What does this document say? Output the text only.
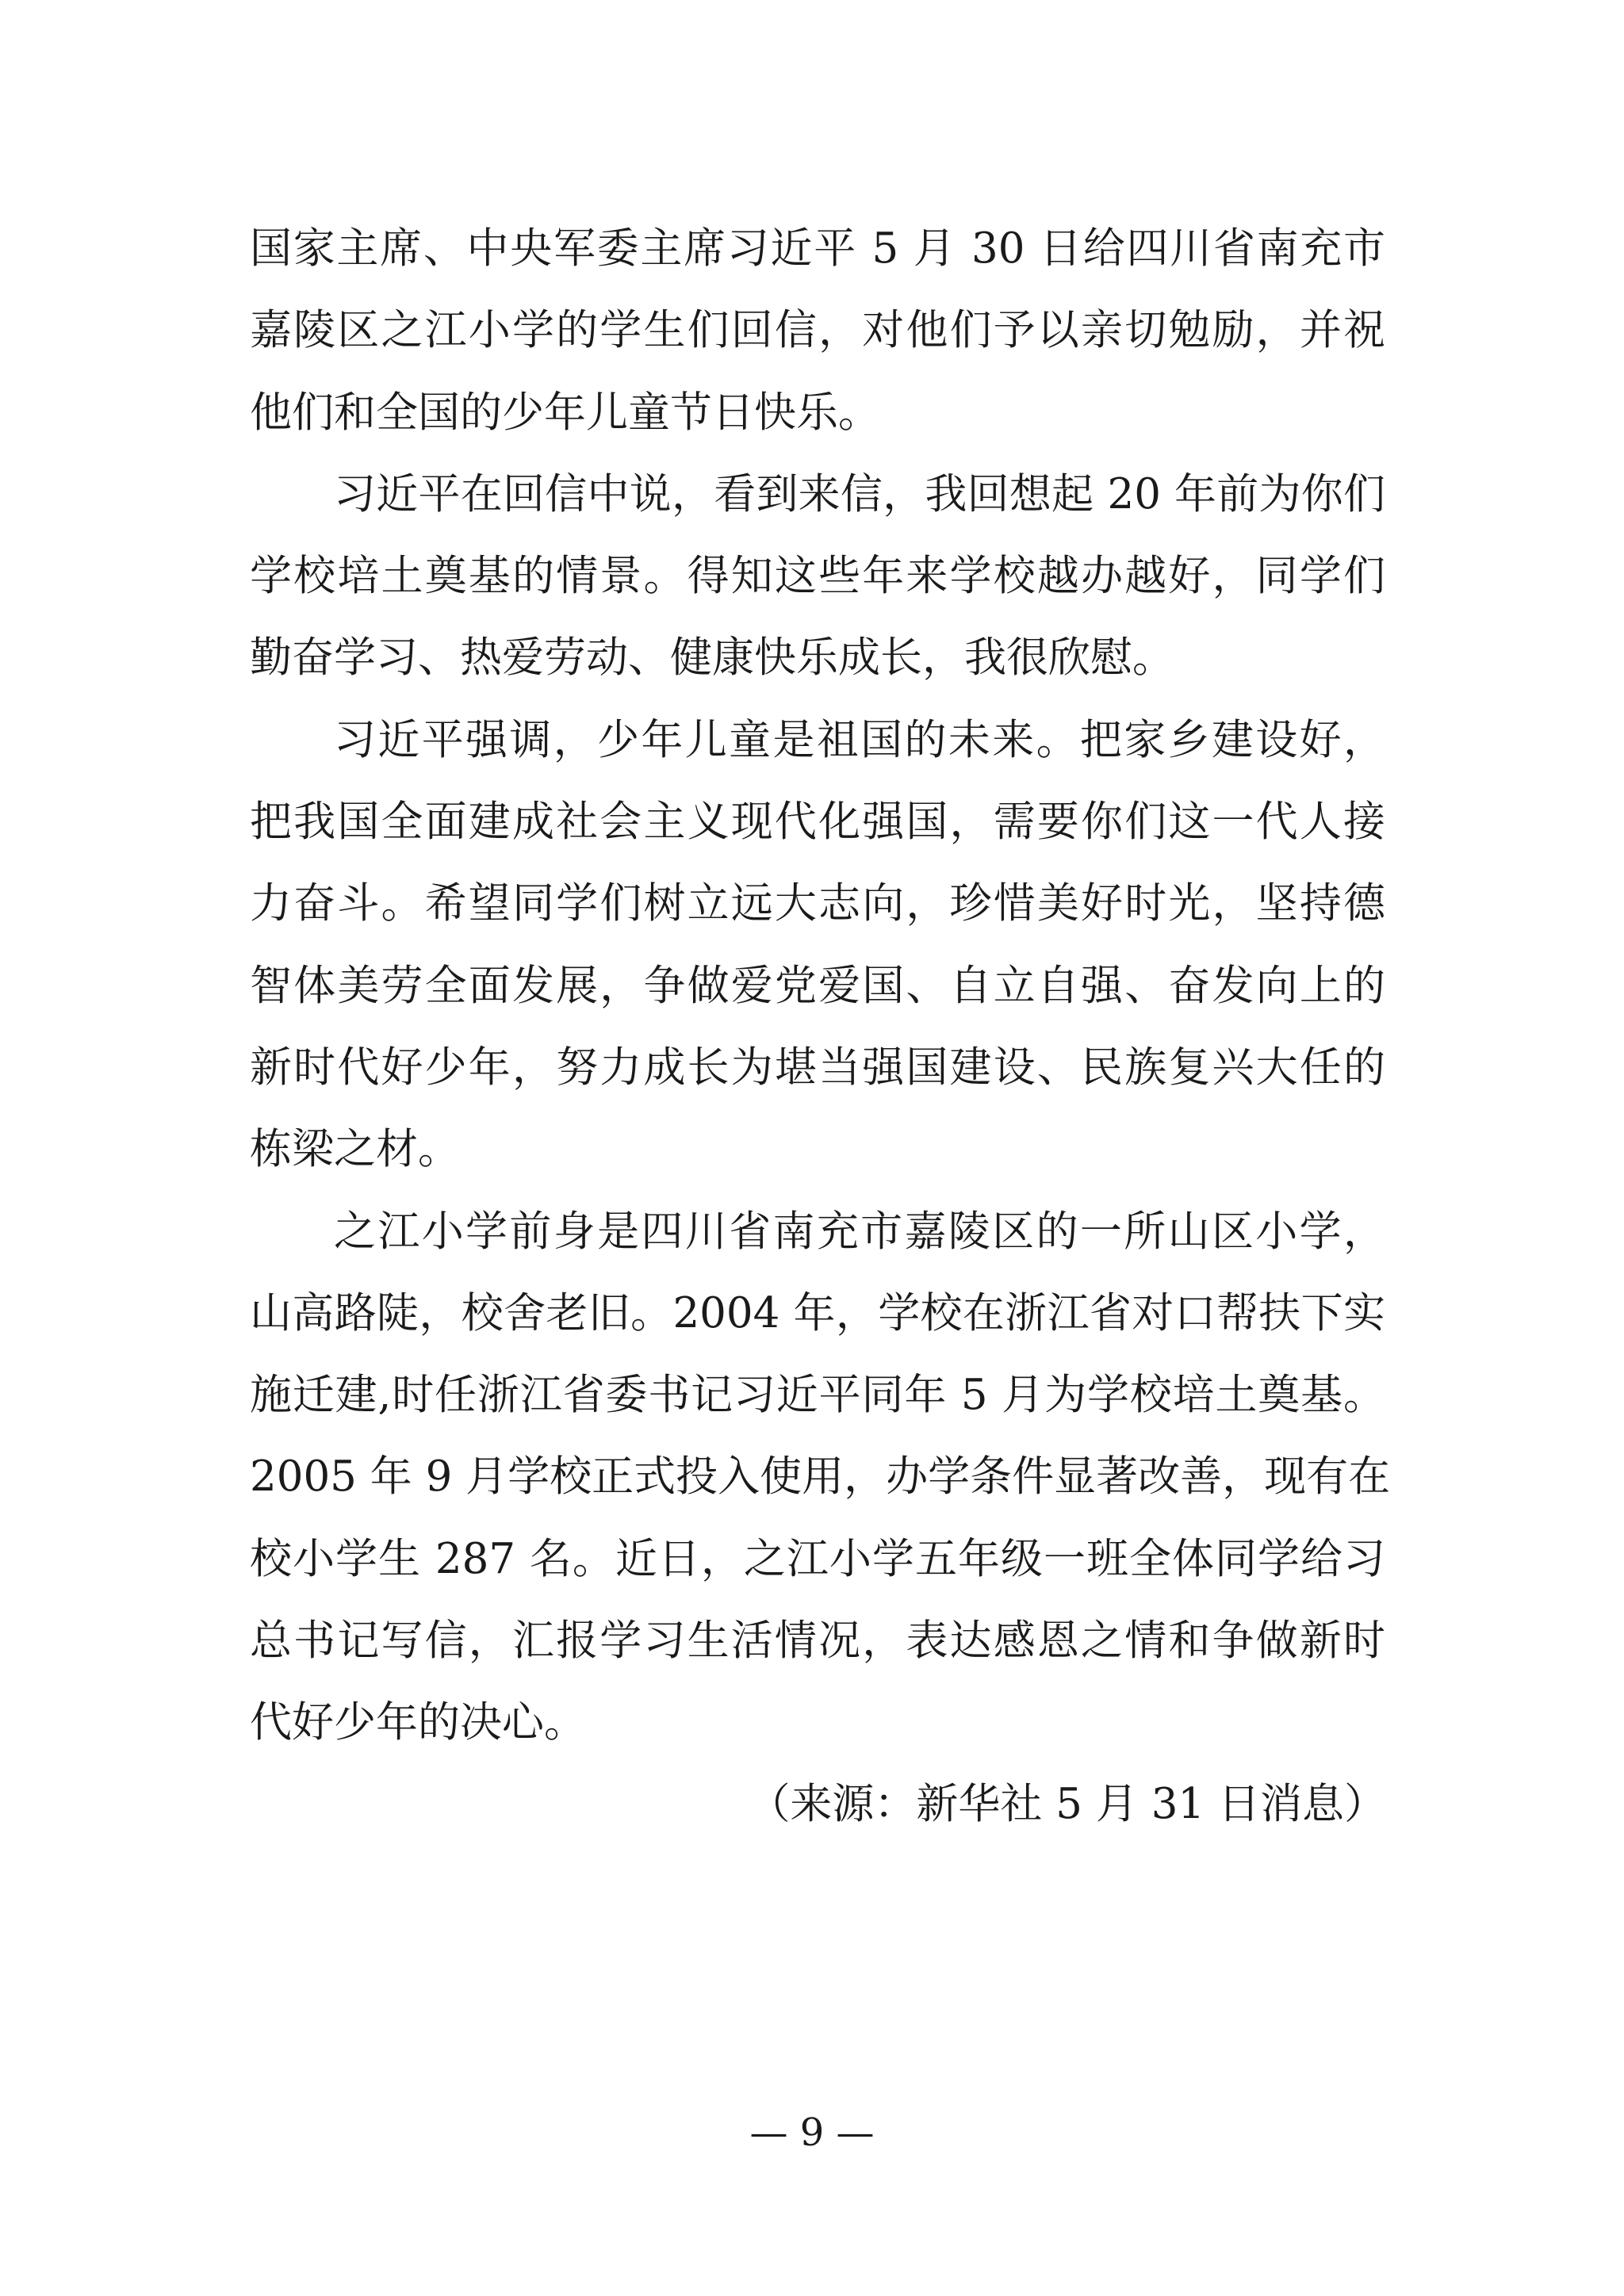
国家主席、中央军委主席习近平 5 月 30 日给四川省南充市
嘉陵区之江小学的学生们回信，对他们予以亲切勉励，并祝
他们和全国的少年儿童节日快乐。

习近平在回信中说，看到来信，我回想起 20 年前为你们
学校培土奠基的情景。得知这些年来学校越办越好，同学们
勤奋学习、热爱劳动、健康快乐成长，我很欣慰。

习近平强调，少年儿童是祖国的未来。把家乡建设好，
把我国全面建成社会主义现代化强国，需要你们这一代人接
力奋斗。希望同学们树立远大志向，珍惜美好时光，坚持德
智体美劳全面发展，争做爱党爱国、自立自强、奋发向上的
新时代好少年，努力成长为堪当强国建设、民族复兴大任的
栋梁之材。

之江小学前身是四川省南充市嘉陵区的一所山区小学，
山高路陡，校舍老旧。2004 年，学校在浙江省对口帮扶下实
施迁建,时任浙江省委书记习近平同年 5 月为学校培土奠基。
2005 年 9 月学校正式投入使用，办学条件显著改善，现有在
校小学生 287 名。近日，之江小学五年级一班全体同学给习
总书记写信，汇报学习生活情况，表达感恩之情和争做新时
代好少年的决心。

（来源：新华社 5 月 31 日消息）
— 9 —
